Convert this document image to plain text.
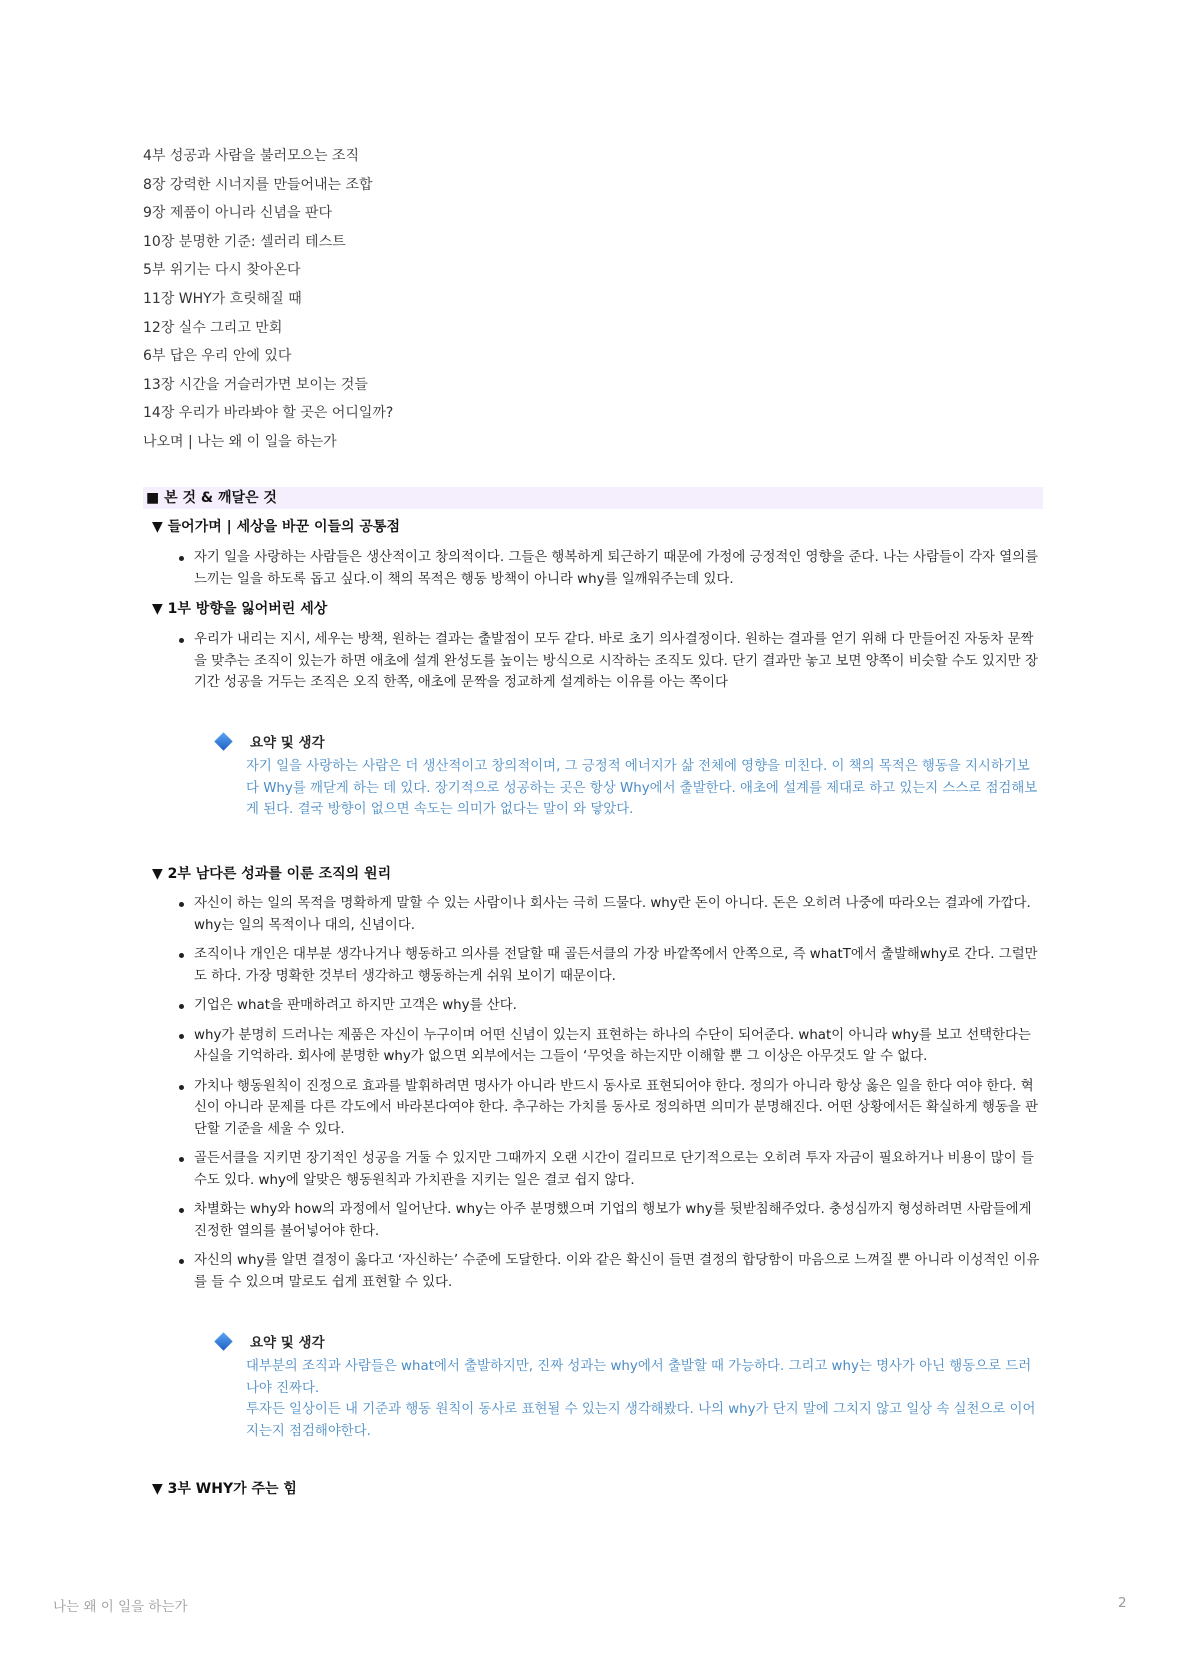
4부 성공과 사람을 불러모으는 조직
8장 강력한 시너지를 만들어내는 조합
9장 제품이 아니라 신념을 판다
10장 분명한 기준: 셀러리 테스트
5부 위기는 다시 찾아온다
11장 WHY가 흐릿해질 때
12장 실수 그리고 만회
6부 답은 우리 안에 있다
13장 시간을 거슬러가면 보이는 것들
14장 우리가 바라봐야 할 곳은 어디일까?
나오며 | 나는 왜 이 일을 하는가
■ 본 것 & 깨달은 것
▼ 들어가며 | 세상을 바꾼 이들의 공통점
자기 일을 사랑하는 사람들은 생산적이고 창의적이다. 그들은 행복하게 퇴근하기 때문에 가정에 긍정적인 영향을 준다. 나는 사람들이 각자 열의를 느끼는 일을 하도록 돕고 싶다.이 책의 목적은 행동 방책이 아니라 why를 일깨워주는데 있다.
▼ 1부 방향을 잃어버린 세상
우리가 내리는 지시, 세우는 방책, 원하는 결과는 출발점이 모두 같다. 바로 초기 의사결정이다. 원하는 결과를 얻기 위해 다 만들어진 자동차 문짝을 맞추는 조직이 있는가 하면 애초에 설계 완성도를 높이는 방식으로 시작하는 조직도 있다. 단기 결과만 놓고 보면 양쪽이 비슷할 수도 있지만 장기간 성공을 거두는 조직은 오직 한쪽, 애초에 문짝을 정교하게 설계하는 이유를 아는 쪽이다
요약 및 생각

자기 일을 사랑하는 사람은 더 생산적이고 창의적이며, 그 긍정적 에너지가 삶 전체에 영향을 미친다. 이 책의 목적은 행동을 지시하기보다 Why를 깨닫게 하는 데 있다. 장기적으로 성공하는 곳은 항상 Why에서 출발한다. 애초에 설계를 제대로 하고 있는지 스스로 점검해보게 된다. 결국 방향이 없으면 속도는 의미가 없다는 말이 와 닿았다.

▼ 2부 남다른 성과를 이룬 조직의 원리
자신이 하는 일의 목적을 명확하게 말할 수 있는 사람이나 회사는 극히 드물다. why란 돈이 아니다. 돈은 오히려 나중에 따라오는 결과에 가깝다. why는 일의 목적이나 대의, 신념이다.
조직이나 개인은 대부분 생각나거나 행동하고 의사를 전달할 때 골든서클의 가장 바깥쪽에서 안쪽으로, 즉 whatT에서 출발해why로 간다. 그럴만도 하다. 가장 명확한 것부터 생각하고 행동하는게 쉬워 보이기 때문이다.
기업은 what을 판매하려고 하지만 고객은 why를 산다.
why가 분명히 드러나는 제품은 자신이 누구이며 어떤 신념이 있는지 표현하는 하나의 수단이 되어준다. what이 아니라 why를 보고 선택한다는 사실을 기억하라. 회사에 분명한 why가 없으면 외부에서는 그들이 ‘무엇을 하는지만 이해할 뿐 그 이상은 아무것도 알 수 없다.
가치나 행동원칙이 진정으로 효과를 발휘하려면 명사가 아니라 반드시 동사로 표현되어야 한다. 정의가 아니라 항상 옳은 일을 한다 여야 한다. 혁신이 아니라 문제를 다른 각도에서 바라본다여야 한다. 추구하는 가치를 동사로 정의하면 의미가 분명해진다. 어떤 상황에서든 확실하게 행동을 판단할 기준을 세울 수 있다.
골든서클을 지키면 장기적인 성공을 거둘 수 있지만 그때까지 오랜 시간이 걸리므로 단기적으로는 오히려 투자 자금이 필요하거나 비용이 많이 들 수도 있다. why에 알맞은 행동원칙과 가치관을 지키는 일은 결코 쉽지 않다.
차별화는 why와 how의 과정에서 일어난다. why는 아주 분명했으며 기업의 행보가 why를 뒷받침해주었다. 충성심까지 형성하려면 사람들에게 진정한 열의를 불어넣어야 한다.
자신의 why를 알면 결정이 옳다고 ‘자신하는’ 수준에 도달한다. 이와 같은 확신이 들면 결정의 합당함이 마음으로 느껴질 뿐 아니라 이성적인 이유를 들 수 있으며 말로도 쉽게 표현할 수 있다.
요약 및 생각

대부분의 조직과 사람들은 what에서 출발하지만, 진짜 성과는 why에서 출발할 때 가능하다. 그리고 why는 명사가 아닌 행동으로 드러나야 진짜다.

투자든 일상이든 내 기준과 행동 원칙이 동사로 표현될 수 있는지 생각해봤다. 나의 why가 단지 말에 그치지 않고 일상 속 실천으로 이어지는지 점검해야한다.

▼ 3부 WHY가 주는 힘
나는 왜 이 일을 하는가	2
